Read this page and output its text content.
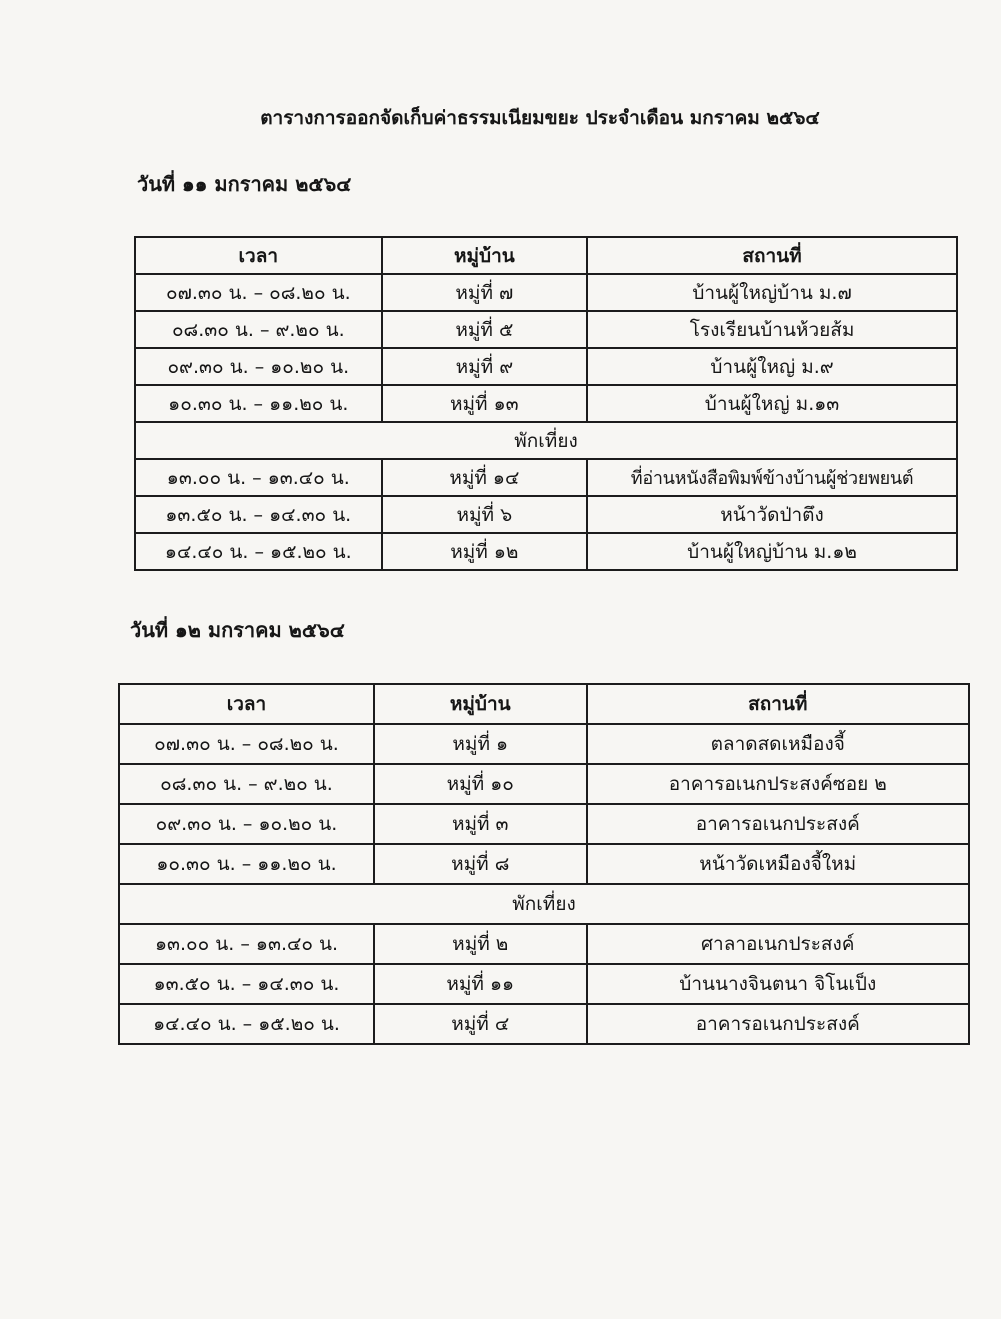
ตารางการออกจัดเก็บค่าธรรมเนียมขยะ ประจำเดือน มกราคม ๒๕๖๔
วันที่ ๑๑ มกราคม ๒๕๖๔
เวลา	หมู่บ้าน	สถานที่
๐๗.๓๐ น. – ๐๘.๒๐ น.	หมู่ที่ ๗	บ้านผู้ใหญ่บ้าน ม.๗
๐๘.๓๐ น. – ๙.๒๐ น.	หมู่ที่ ๕	โรงเรียนบ้านห้วยส้ม
๐๙.๓๐ น. – ๑๐.๒๐ น.	หมู่ที่ ๙	บ้านผู้ใหญ่ ม.๙
๑๐.๓๐ น. – ๑๑.๒๐ น.	หมู่ที่ ๑๓	บ้านผู้ใหญ่ ม.๑๓
พักเที่ยง		
๑๓.๐๐ น. – ๑๓.๔๐ น.	หมู่ที่ ๑๔	ที่อ่านหนังสือพิมพ์ข้างบ้านผู้ช่วยพยนต์
๑๓.๕๐ น. – ๑๔.๓๐ น.	หมู่ที่ ๖	หน้าวัดป่าตึง
๑๔.๔๐ น. – ๑๕.๒๐ น.	หมู่ที่ ๑๒	บ้านผู้ใหญ่บ้าน ม.๑๒
วันที่ ๑๒ มกราคม ๒๕๖๔
เวลา	หมู่บ้าน	สถานที่
๐๗.๓๐ น. – ๐๘.๒๐ น.	หมู่ที่ ๑	ตลาดสดเหมืองจี้
๐๘.๓๐ น. – ๙.๒๐ น.	หมู่ที่ ๑๐	อาคารอเนกประสงค์ซอย ๒
๐๙.๓๐ น. – ๑๐.๒๐ น.	หมู่ที่ ๓	อาคารอเนกประสงค์
๑๐.๓๐ น. – ๑๑.๒๐ น.	หมู่ที่ ๘	หน้าวัดเหมืองจี้ใหม่
พักเที่ยง		
๑๓.๐๐ น. – ๑๓.๔๐ น.	หมู่ที่ ๒	ศาลาอเนกประสงค์
๑๓.๕๐ น. – ๑๔.๓๐ น.	หมู่ที่ ๑๑	บ้านนางจินตนา จิโนเป็ง
๑๔.๔๐ น. – ๑๕.๒๐ น.	หมู่ที่ ๔	อาคารอเนกประสงค์
